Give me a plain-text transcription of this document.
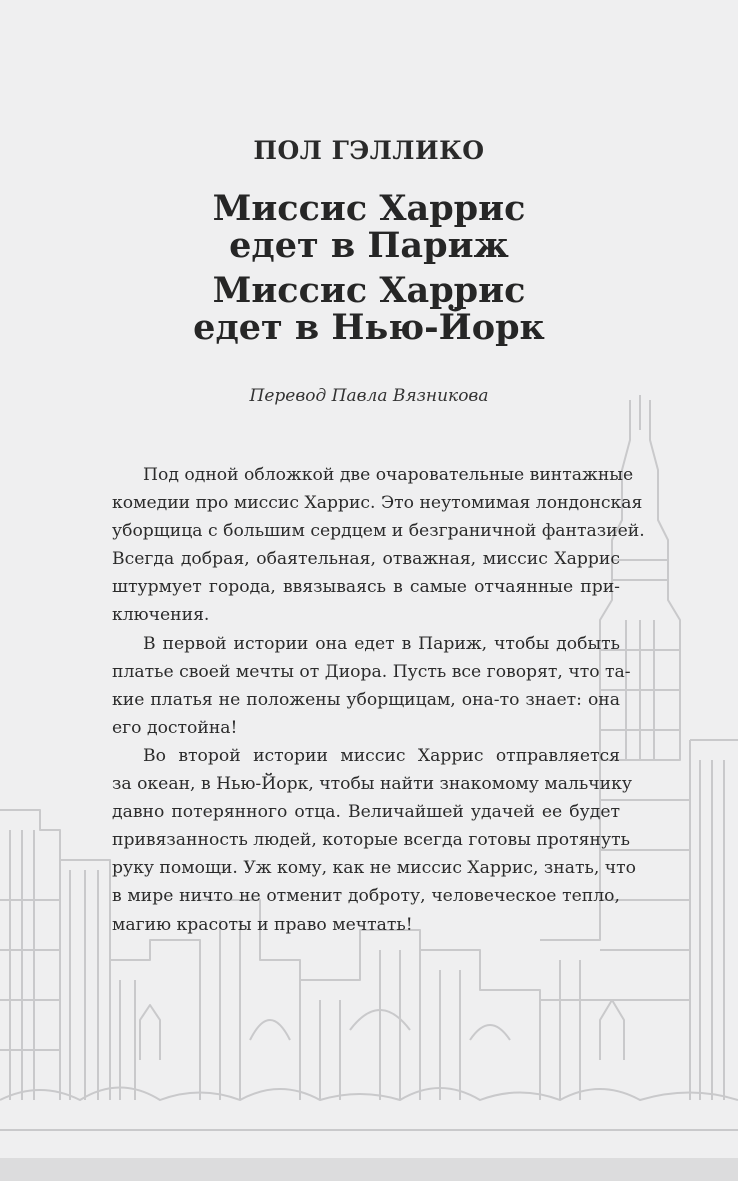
ПОЛ ГЭЛЛИКО
Миссис Харрис
едет в Париж
Миссис Харрис
едет в Нью-Йорк
Перевод Павла Вязникова
Под одной обложкой две очаровательные винтажные
комедии про миссис Харрис. Это неутомимая лондонская
уборщица с большим сердцем и безграничной фантазией.
Всегда добрая, обаятельная, отважная, миссис Харрис
штурмует города, ввязываясь в самые отчаянные при-
ключения.
В первой истории она едет в Париж, чтобы добыть
платье своей мечты от Диора. Пусть все говорят, что та-
кие платья не положены уборщицам, она-то знает: она
его достойна!
Во второй истории миссис Харрис отправляется
за океан, в Нью-Йорк, чтобы найти знакомому мальчику
давно потерянного отца. Величайшей удачей ее будет
привязанность людей, которые всегда готовы протянуть
руку помощи. Уж кому, как не миссис Харрис, знать, что
в мире ничто не отменит доброту, человеческое тепло,
магию красоты и право мечтать!
